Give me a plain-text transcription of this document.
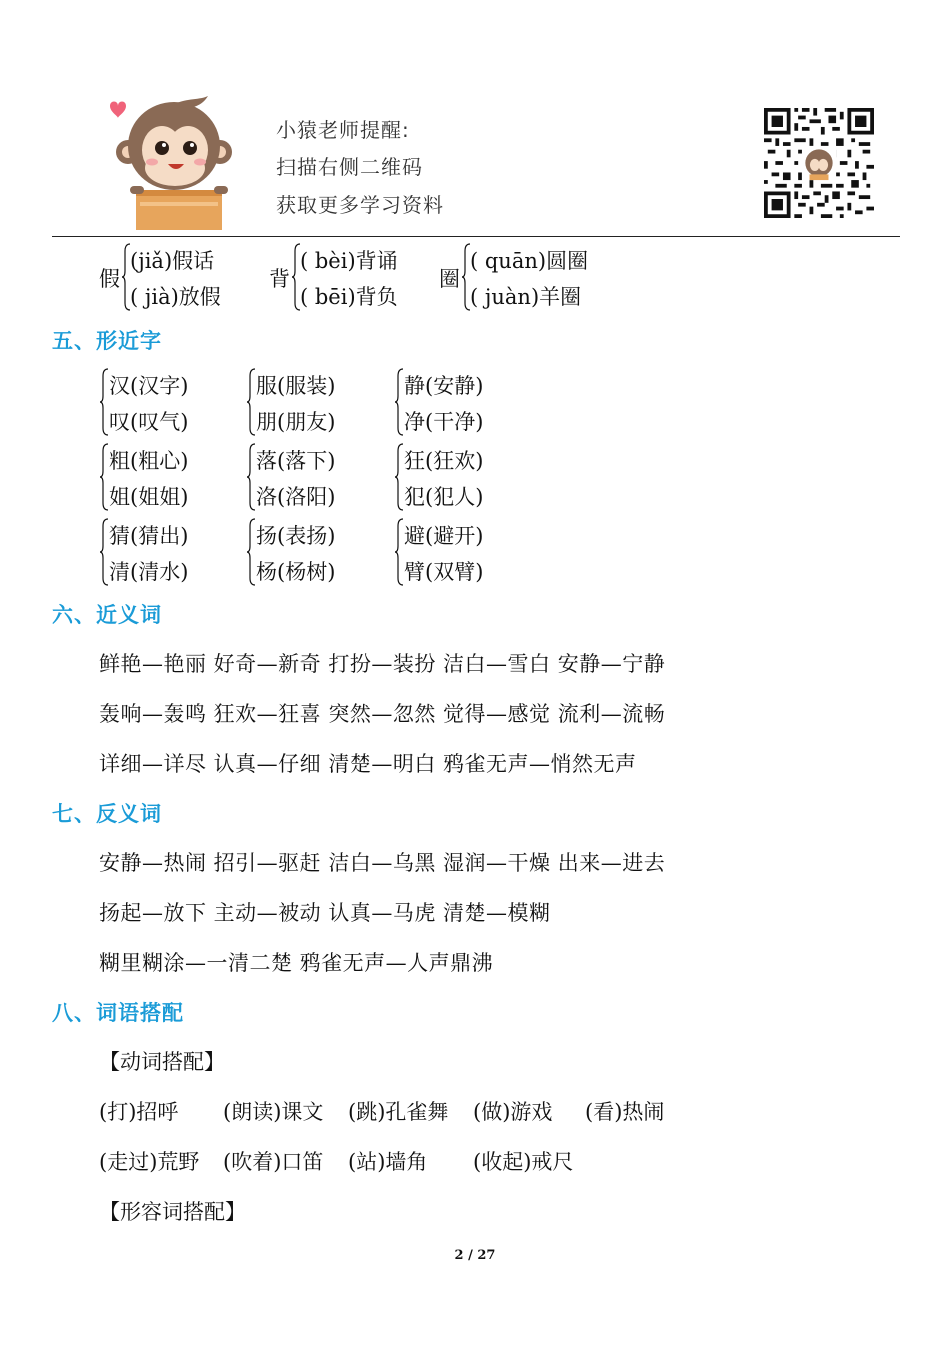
小猿老师提醒:
扫描右侧二维码
获取更多学习资料
假
(jiǎ)假话
( jià)放假
背
( bèi)背诵
( bēi)背负
圈
( quān)圆圈
( juàn)羊圈
五、形近字
汉(汉字)
叹(叹气)
服(服装)
朋(朋友)
静(安静)
净(干净)
粗(粗心)
姐(姐姐)
落(落下)
洛(洛阳)
狂(狂欢)
犯(犯人)
猜(猜出)
清(清水)
扬(表扬)
杨(杨树)
避(避开)
臂(双臂)
六、近义词
鲜艳—艳丽 好奇—新奇 打扮—装扮 洁白—雪白 安静—宁静
轰响—轰鸣 狂欢—狂喜 突然—忽然 觉得—感觉 流利—流畅
详细—详尽 认真—仔细 清楚—明白 鸦雀无声—悄然无声
七、反义词
安静—热闹 招引—驱赶 洁白—乌黑 湿润—干燥 出来—进去
扬起—放下 主动—被动 认真—马虎 清楚—模糊
糊里糊涂—一清二楚 鸦雀无声—人声鼎沸
八、词语搭配
【动词搭配】
(打)招呼 (朗读)课文 (跳)孔雀舞 (做)游戏 (看)热闹
(走过)荒野 (吹着)口笛 (站)墙角 (收起)戒尺
【形容词搭配】
2 / 27
